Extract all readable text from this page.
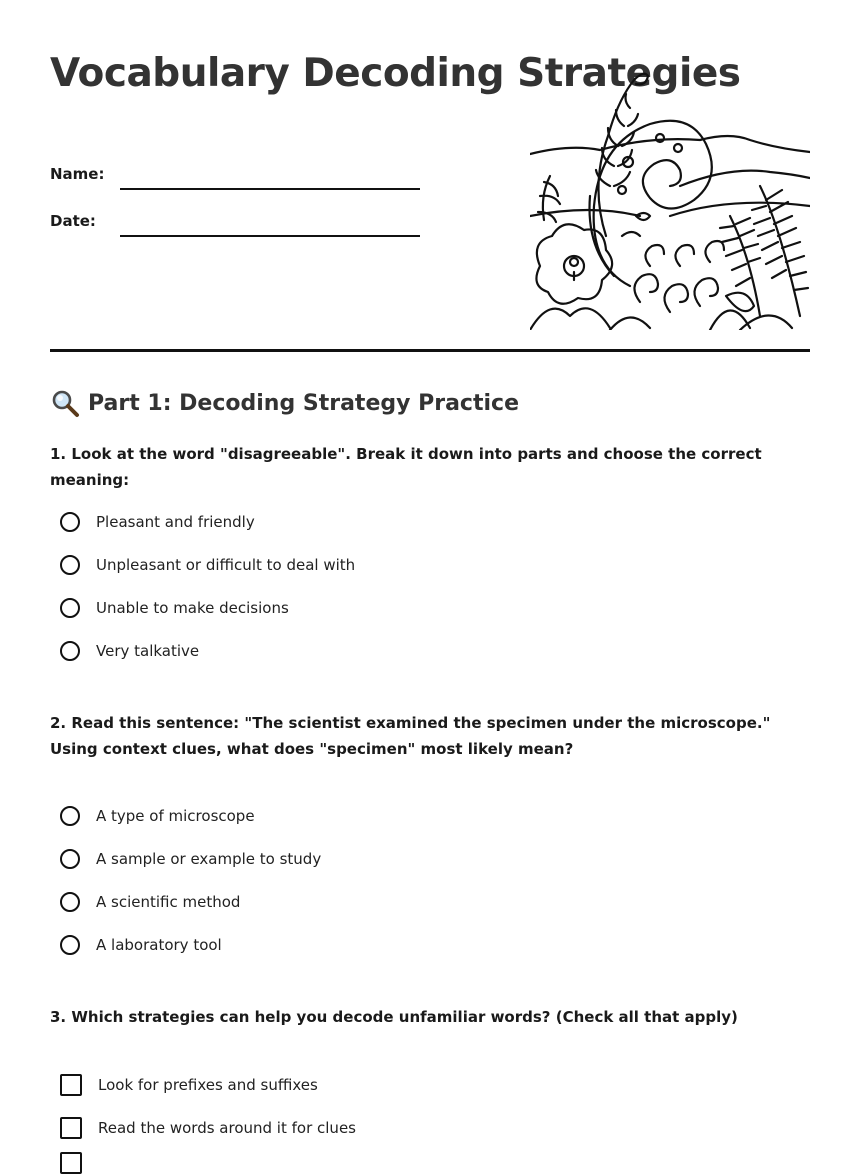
Vocabulary Decoding Strategies
Name:
Date:
Part 1: Decoding Strategy Practice

1. Look at the word "disagreeable". Break it down into parts and choose the correct meaning:

Pleasant and friendly
Unpleasant or difficult to deal with
Unable to make decisions
Very talkative

2. Read this sentence: "The scientist examined the specimen under the microscope." Using context clues, what does "specimen" most likely mean?

A type of microscope
A sample or example to study
A scientific method
A laboratory tool

3. Which strategies can help you decode unfamiliar words? (Check all that apply)

Look for prefixes and suffixes
Read the words around it for clues
